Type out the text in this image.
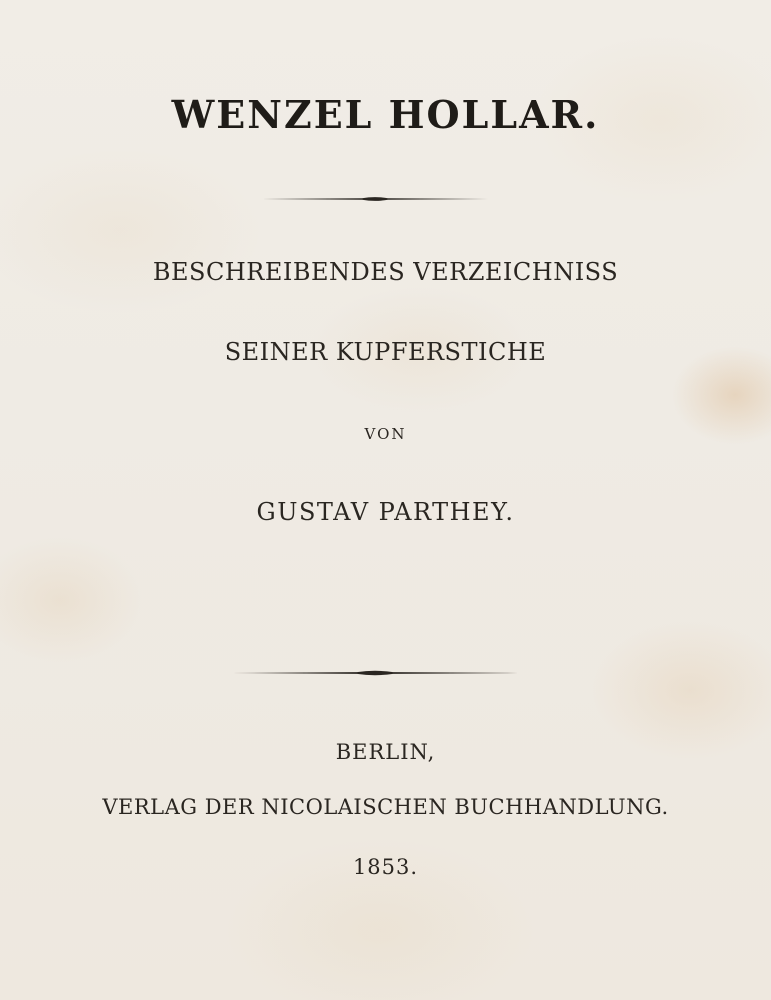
WENZEL HOLLAR.
BESCHREIBENDES VERZEICHNISS
SEINER KUPFERSTICHE
VON
GUSTAV PARTHEY.
BERLIN,
VERLAG DER NICOLAISCHEN BUCHHANDLUNG.
1853.
